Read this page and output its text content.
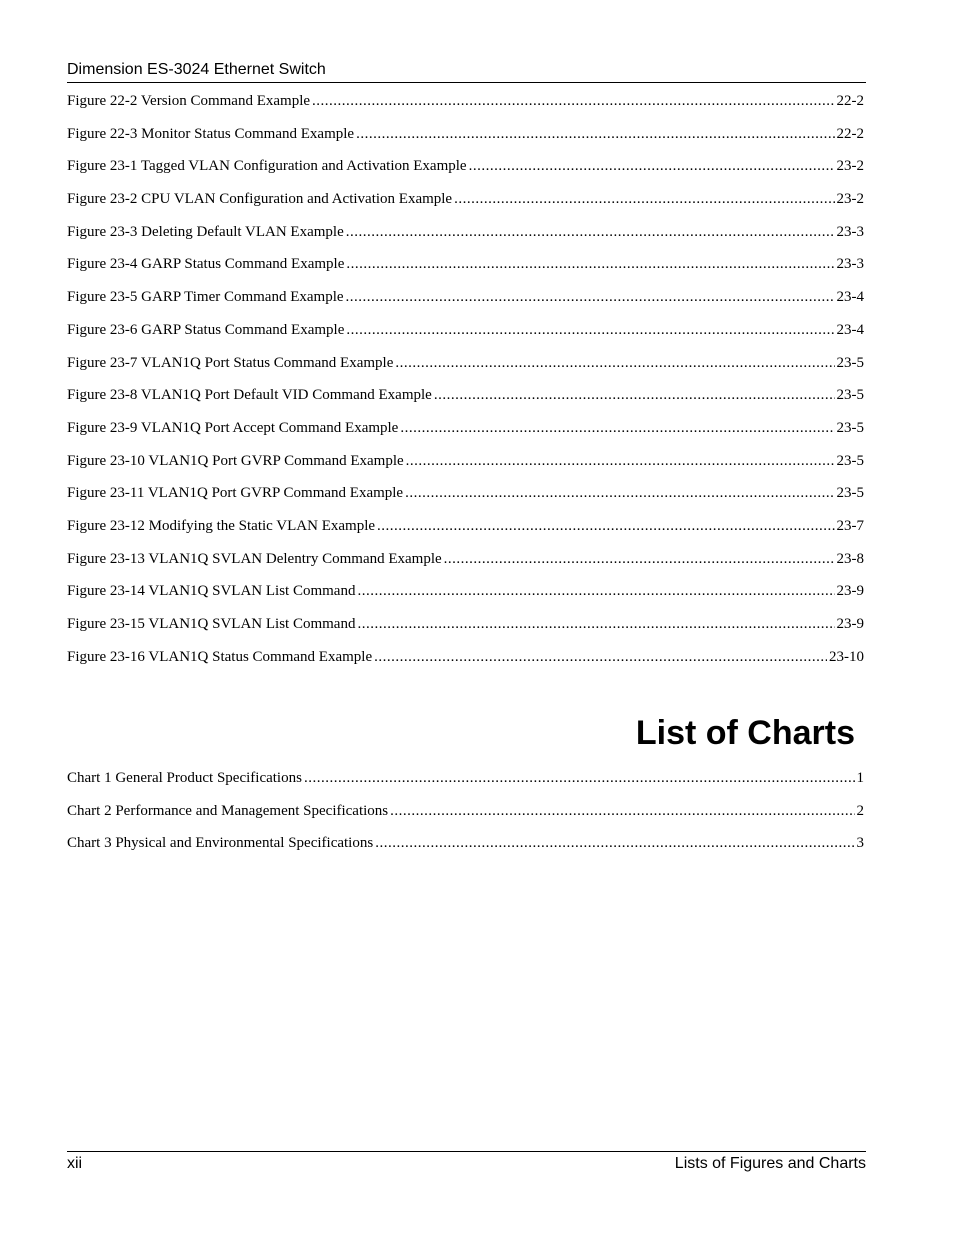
Dimension ES-3024 Ethernet Switch
Figure 22-2 Version Command Example .....	22-2
Figure 22-3 Monitor Status Command Example .....	22-2
Figure 23-1 Tagged VLAN Configuration and Activation Example .....	23-2
Figure 23-2 CPU VLAN Configuration and Activation Example .....	23-2
Figure 23-3 Deleting Default VLAN Example .....	23-3
Figure 23-4 GARP Status Command Example .....	23-3
Figure 23-5 GARP Timer Command Example .....	23-4
Figure 23-6 GARP Status Command Example .....	23-4
Figure 23-7 VLAN1Q Port Status Command Example .....	23-5
Figure 23-8 VLAN1Q Port Default VID Command Example .....	23-5
Figure 23-9 VLAN1Q Port Accept Command Example .....	23-5
Figure 23-10 VLAN1Q Port GVRP Command Example .....	23-5
Figure 23-11 VLAN1Q Port GVRP Command Example .....	23-5
Figure 23-12 Modifying the Static VLAN Example .....	23-7
Figure 23-13 VLAN1Q SVLAN Delentry Command Example .....	23-8
Figure 23-14 VLAN1Q SVLAN List Command .....	23-9
Figure 23-15 VLAN1Q SVLAN List Command .....	23-9
Figure 23-16 VLAN1Q Status Command Example .....	23-10
List of Charts
Chart 1 General Product Specifications .....	1
Chart 2 Performance and Management Specifications .....	2
Chart 3 Physical and Environmental Specifications .....	3
xii	Lists of Figures and Charts
